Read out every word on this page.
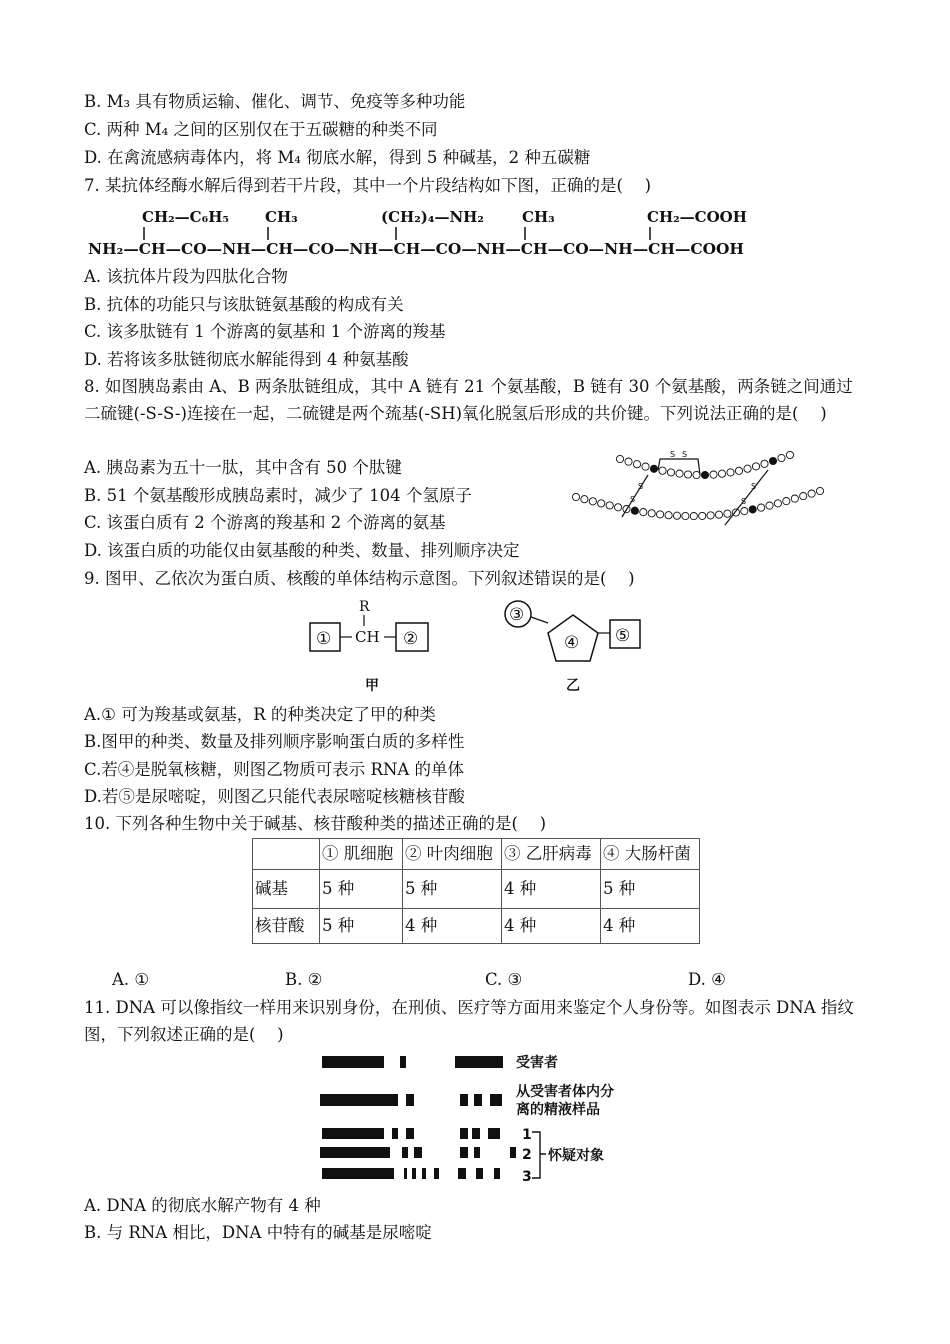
B. M₃ 具有物质运输、催化、调节、免疫等多种功能
C. 两种 M₄ 之间的区别仅在于五碳糖的种类不同
D. 在禽流感病毒体内，将 M₄ 彻底水解，得到 5 种碱基，2 种五碳糖
7. 某抗体经酶水解后得到若干片段，其中一个片段结构如下图，正确的是(　 )
CH₂—C₆H₅ CH₃	(CH₂)₄—NH₂	CH₃	CH₂—COOH
NH₂—CH—CO—NH—CH—CO—NH—CH—CO—NH—CH—CO—NH—CH—COOH
A. 该抗体片段为四肽化合物
B. 抗体的功能只与该肽链氨基酸的构成有关
C. 该多肽链有 1 个游离的氨基和 1 个游离的羧基
D. 若将该多肽链彻底水解能得到 4 种氨基酸
8. 如图胰岛素由 A、B 两条肽链组成，其中 A 链有 21 个氨基酸，B 链有 30 个氨基酸，两条链之间通过二硫键(-S-S-)连接在一起，二硫键是两个巯基(-SH)氧化脱氢后形成的共价键。下列说法正确的是(　 )
A. 胰岛素为五十一肽，其中含有 50 个肽键
B. 51 个氨基酸形成胰岛素时，减少了 104 个氢原子
C. 该蛋白质有 2 个游离的羧基和 2 个游离的氨基
D. 该蛋白质的功能仅由氨基酸的种类、数量、排列顺序决定
S S
S
S
S
S
9. 图甲、乙依次为蛋白质、核酸的单体结构示意图。下列叙述错误的是(　 )
① CH
R
②
甲
③
④ ⑤
乙
A.① 可为羧基或氨基，R 的种类决定了甲的种类
B.图甲的种类、数量及排列顺序影响蛋白质的多样性
C.若④是脱氧核糖，则图乙物质可表示 RNA 的单体
D.若⑤是尿嘧啶，则图乙只能代表尿嘧啶核糖核苷酸
10. 下列各种生物中关于碱基、核苷酸种类的描述正确的是(　 )
	① 肌细胞	② 叶肉细胞	③ 乙肝病毒	④ 大肠杆菌
碱基	5 种	5 种	4 种	5 种
核苷酸	5 种	4 种	4 种	4 种
A. ①	B. ②	C. ③	D. ④
11. DNA 可以像指纹一样用来识别身份，在刑侦、医疗等方面用来鉴定个人身份等。如图表示 DNA 指纹图，下列叙述正确的是(　 )
受害者
从受害者体内分
离的精液样品
1
2
3
怀疑对象
A. DNA 的彻底水解产物有 4 种
B. 与 RNA 相比，DNA 中特有的碱基是尿嘧啶
